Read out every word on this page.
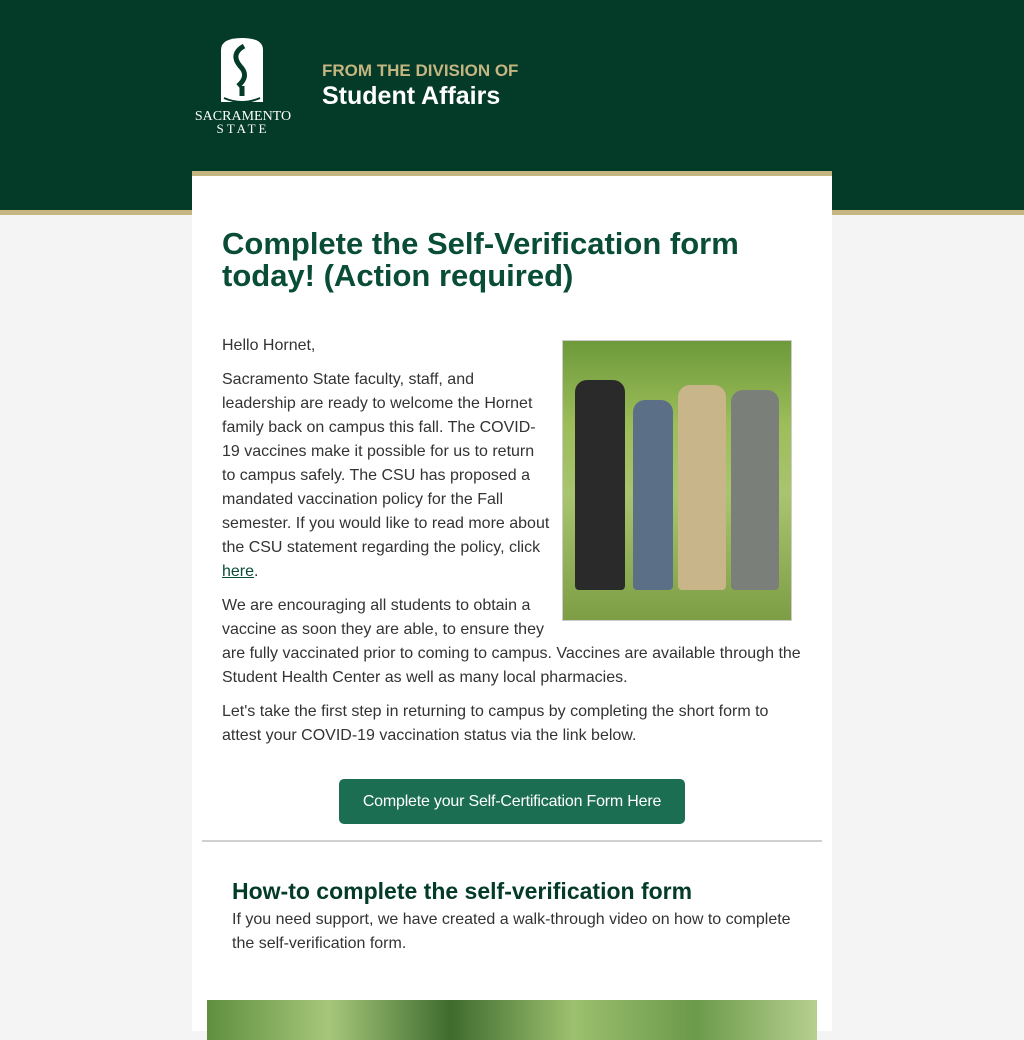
SACRAMENTO
STATE
FROM THE DIVISION OF
Student Affairs
Complete the Self-Verification form today! (Action required)

Hello Hornet,

Sacramento State faculty, staff, and leadership are ready to welcome the Hornet family back on campus this fall. The COVID-19 vaccines make it possible for us to return to campus safely. The CSU has proposed a mandated vaccination policy for the Fall semester. If you would like to read more about the CSU statement regarding the policy, click here.

We are encouraging all students to obtain a vaccine as soon they are able, to ensure they are fully vaccinated prior to coming to campus. Vaccines are available through the Student Health Center as well as many local pharmacies.

Let's take the first step in returning to campus by completing the short form to attest your COVID-19 vaccination status via the link below.

Complete your Self-Certification Form Here
How-to complete the self-verification form
If you need support, we have created a walk-through video on how to complete the self-verification form.
